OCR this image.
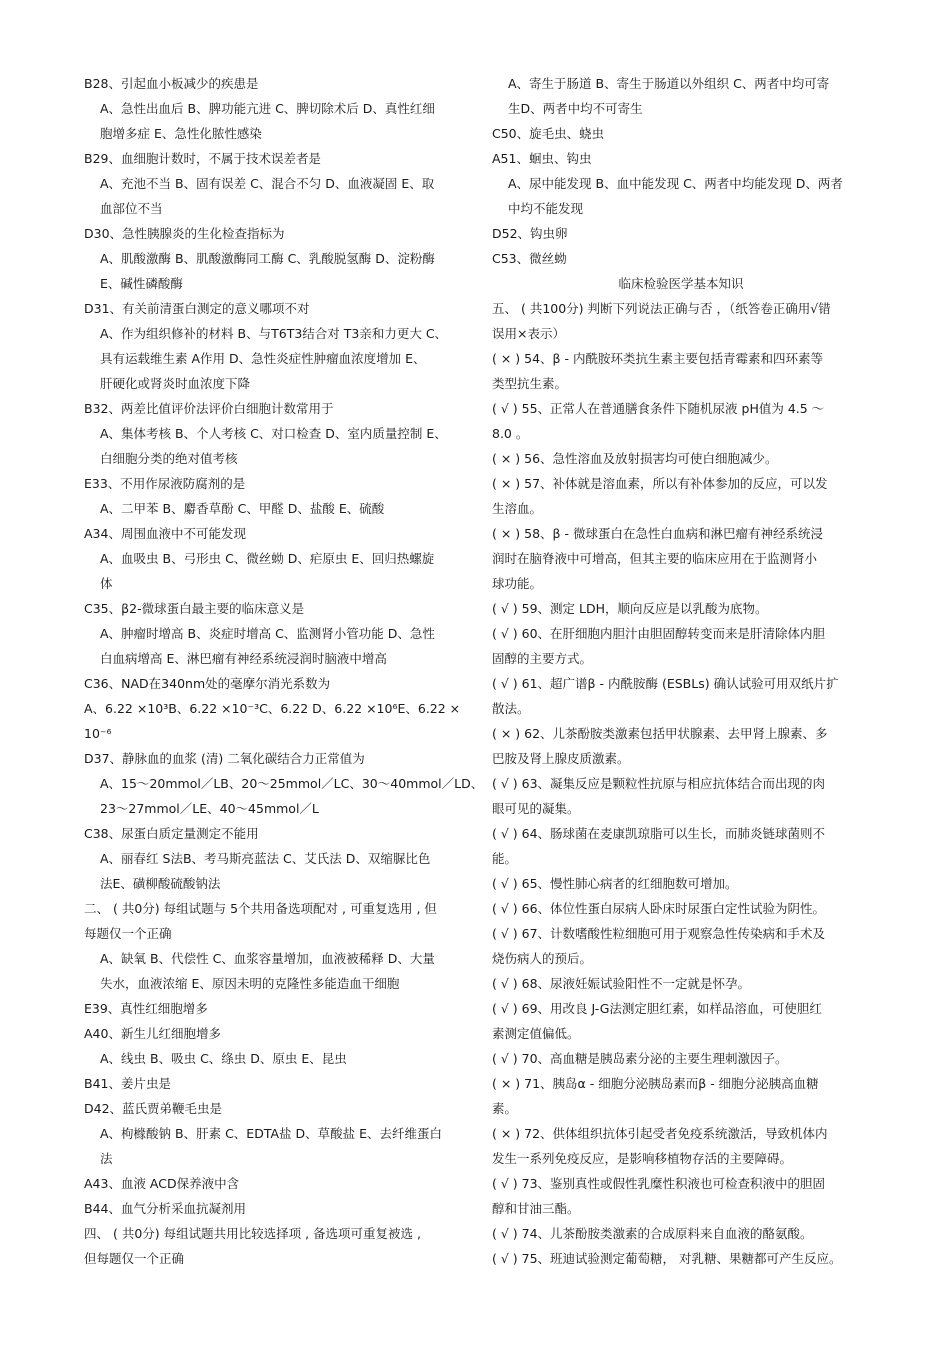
B28、引起血小板减少的疾患是
A、急性出血后 B、脾功能亢进 C、脾切除术后 D、真性红细
胞增多症 E、急性化脓性感染
B29、血细胞计数时，不属于技术误差者是
A、充池不当 B、固有误差 C、混合不匀 D、血液凝固 E、取
血部位不当
D30、急性胰腺炎的生化检查指标为
A、肌酸激酶 B、肌酸激酶同工酶 C、乳酸脱氢酶 D、淀粉酶
E、碱性磷酸酶
D31、有关前清蛋白测定的意义哪项不对
A、作为组织修补的材料 B、与T6T3结合对 T3亲和力更大 C、
具有运载维生素 A作用 D、急性炎症性肿瘤血浓度增加 E、
肝硬化或肾炎时血浓度下降
B32、两差比值评价法评价白细胞计数常用于
A、集体考核 B、个人考核 C、对口检查 D、室内质量控制 E、
白细胞分类的绝对值考核
E33、不用作尿液防腐剂的是
A、二甲苯 B、麝香草酚 C、甲醛 D、盐酸 E、硫酸
A34、周围血液中不可能发现
A、血吸虫 B、弓形虫 C、微丝蚴 D、疟原虫 E、回归热螺旋
体
C35、β2-微球蛋白最主要的临床意义是
A、肿瘤时增高 B、炎症时增高 C、监测肾小管功能 D、急性
白血病增高 E、淋巴瘤有神经系统浸润时脑液中增高
C36、NAD在340nm处的毫摩尔消光系数为
A、6.22 ×10³B、6.22 ×10⁻³C、6.22 D、6.22 ×10⁶E、6.22 ×
10⁻⁶
D37、静脉血的血浆 (清) 二氧化碳结合力正常值为
A、15～20mmol／LB、20～25mmol／LC、30～40mmol／LD、
23～27mmol／LE、40～45mmol／L
C38、尿蛋白质定量测定不能用
A、丽春红 S法B、考马斯亮蓝法 C、艾氏法 D、双缩脲比色
法E、磺柳酸硫酸钠法
二、 ( 共0分) 每组试题与 5个共用备选项配对 , 可重复选用 , 但
每题仅一个正确
A、缺氧 B、代偿性 C、血浆容量增加，血液被稀释 D、大量
失水，血液浓缩 E、原因未明的克隆性多能造血干细胞
E39、真性红细胞增多
A40、新生儿红细胞增多
A、线虫 B、吸虫 C、绦虫 D、原虫 E、昆虫
B41、姜片虫是
D42、蓝氏贾弟鞭毛虫是
A、枸橼酸钠 B、肝素 C、EDTA盐 D、草酸盐 E、去纤维蛋白
法
A43、血液 ACD保养液中含
B44、血气分析采血抗凝剂用
四、 ( 共0分) 每组试题共用比较选择项 , 备选项可重复被选 ,
但每题仅一个正确
A、寄生于肠道 B、寄生于肠道以外组织 C、两者中均可寄
生D、两者中均不可寄生
C50、旋毛虫、蛲虫
A51、蛔虫、钩虫
A、尿中能发现 B、血中能发现 C、两者中均能发现 D、两者
中均不能发现
D52、钩虫卵
C53、微丝蚴
临床检验医学基本知识
五、 ( 共100分) 判断下列说法正确与否 ，（纸答卷正确用√错
误用×表示）
( × ) 54、β - 内酰胺环类抗生素主要包括青霉素和四环素等
类型抗生素。
( √ ) 55、正常人在普通膳食条件下随机尿液 pH值为 4.5 ～
8.0 。
( × ) 56、急性溶血及放射损害均可使白细胞减少。
( × ) 57、补体就是溶血素，所以有补体参加的反应，可以发
生溶血。
( × ) 58、β - 微球蛋白在急性白血病和淋巴瘤有神经系统浸
润时在脑脊液中可增高，但其主要的临床应用在于监测肾小
球功能。
( √ ) 59、测定 LDH，顺向反应是以乳酸为底物。
( √ ) 60、在肝细胞内胆汁由胆固醇转变而来是肝清除体内胆
固醇的主要方式。
( √ ) 61、超广谱β - 内酰胺酶 (ESBLs) 确认试验可用双纸片扩
散法。
( × ) 62、儿茶酚胺类激素包括甲状腺素、去甲肾上腺素、多
巴胺及肾上腺皮质激素。
( √ ) 63、凝集反应是颗粒性抗原与相应抗体结合而出现的肉
眼可见的凝集。
( √ ) 64、肠球菌在麦康凯琼脂可以生长，而肺炎链球菌则不
能。
( √ ) 65、慢性肺心病者的红细胞数可增加。
( √ ) 66、体位性蛋白尿病人卧床时尿蛋白定性试验为阴性。
( √ ) 67、计数嗜酸性粒细胞可用于观察急性传染病和手术及
烧伤病人的预后。
( √ ) 68、尿液妊娠试验阳性不一定就是怀孕。
( √ ) 69、用改良 J-G法测定胆红素，如样品溶血，可使胆红
素测定值偏低。
( √ ) 70、高血糖是胰岛素分泌的主要生理刺激因子。
( × ) 71、胰岛α - 细胞分泌胰岛素而β - 细胞分泌胰高血糖
素。
( × ) 72、供体组织抗体引起受者免疫系统激活，导致机体内
发生一系列免疫反应，是影响移植物存活的主要障碍。
( √ ) 73、鉴别真性或假性乳糜性积液也可检查积液中的胆固
醇和甘油三酯。
( √ ) 74、儿茶酚胺类激素的合成原料来自血液的酪氨酸。
( √ ) 75、班迪试验测定葡萄糖， 对乳糖、果糖都可产生反应。
